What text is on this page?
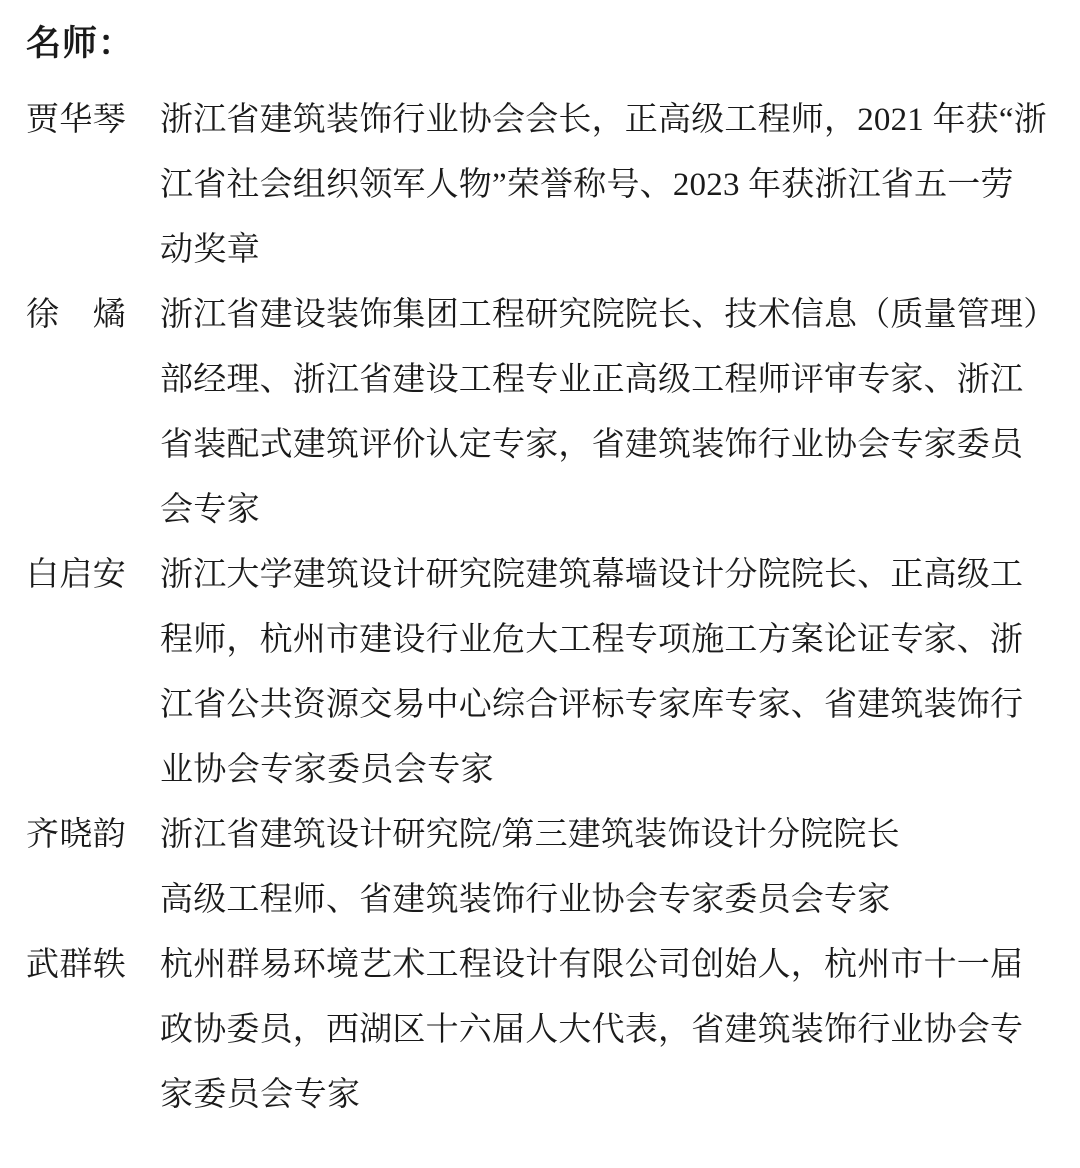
名师：
贾华琴	浙江省建筑装饰行业协会会长，正高级工程师，2021 年获“浙
江省社会组织领军人物”荣誉称号、2023 年获浙江省五一劳
动奖章
徐　燏	浙江省建设装饰集团工程研究院院长、技术信息（质量管理）
部经理、浙江省建设工程专业正高级工程师评审专家、浙江
省装配式建筑评价认定专家，省建筑装饰行业协会专家委员
会专家
白启安	浙江大学建筑设计研究院建筑幕墙设计分院院长、正高级工
程师，杭州市建设行业危大工程专项施工方案论证专家、浙
江省公共资源交易中心综合评标专家库专家、省建筑装饰行
业协会专家委员会专家
齐晓韵	浙江省建筑设计研究院/第三建筑装饰设计分院院长
高级工程师、省建筑装饰行业协会专家委员会专家
武群轶	杭州群易环境艺术工程设计有限公司创始人，杭州市十一届
政协委员，西湖区十六届人大代表，省建筑装饰行业协会专
家委员会专家
